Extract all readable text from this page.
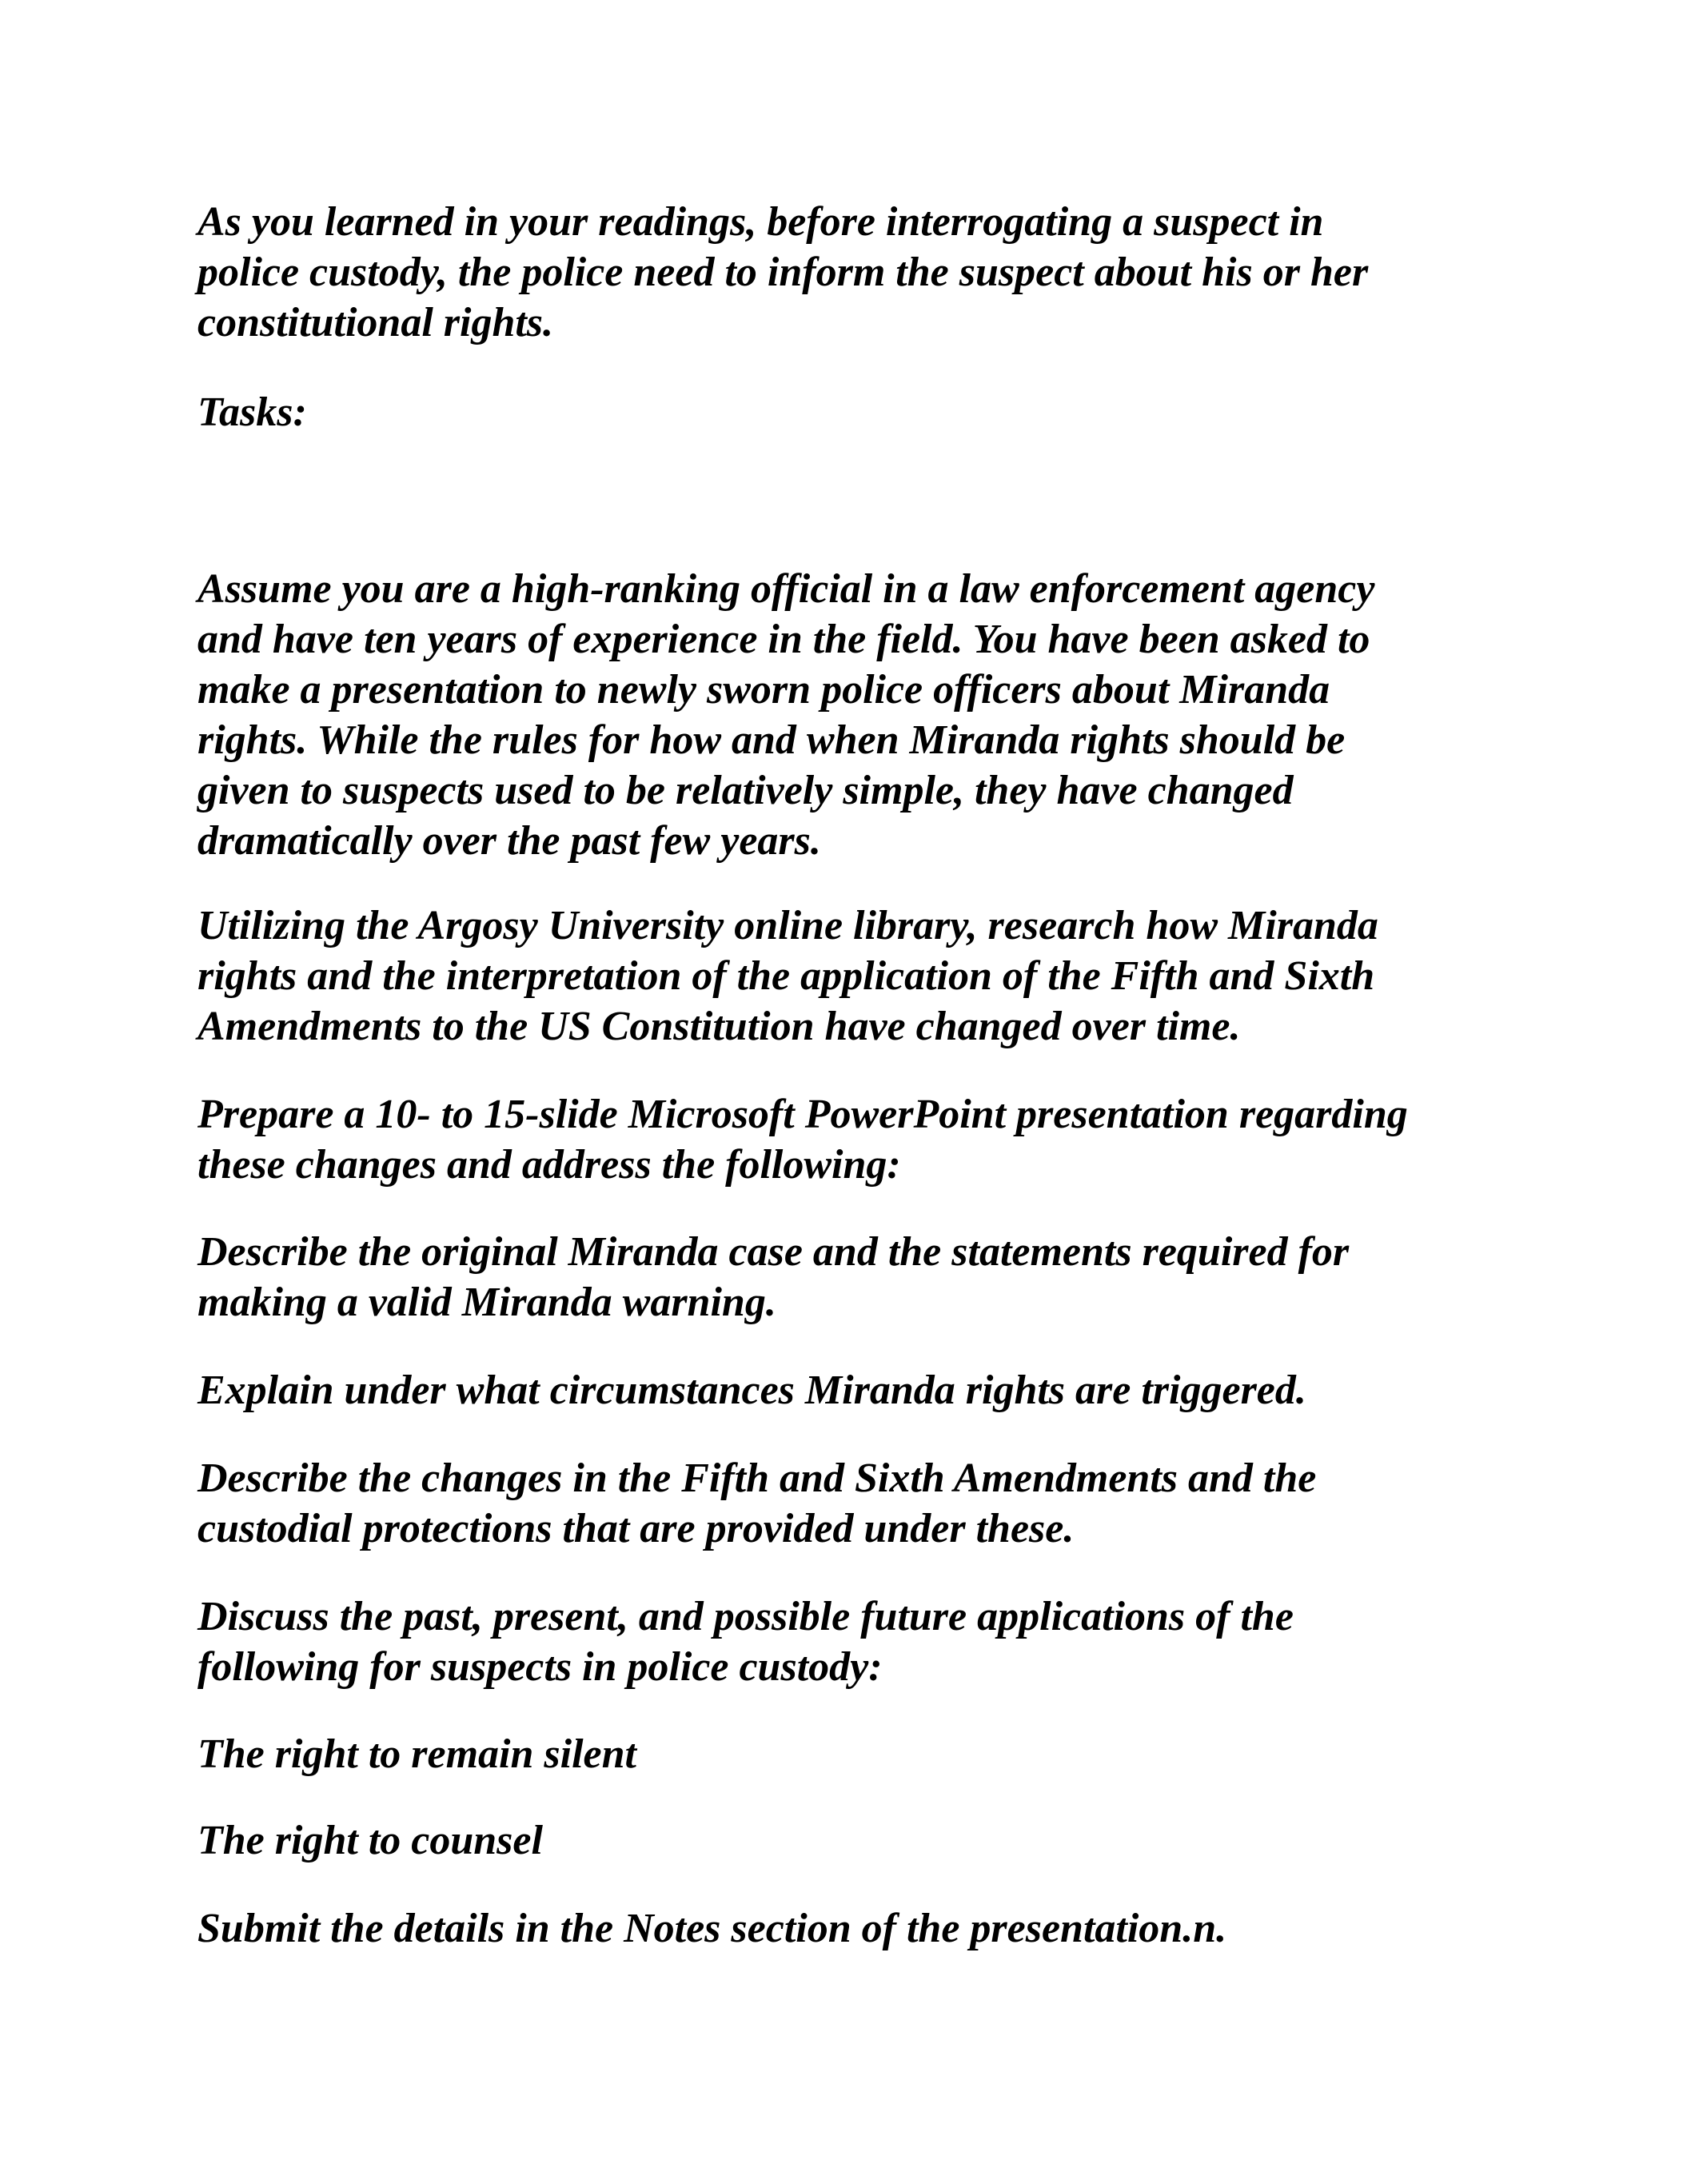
As you learned in your readings, before interrogating a suspect in
police custody, the police need to inform the suspect about his or her
constitutional rights.

Tasks:

Assume you are a high-ranking official in a law enforcement agency
and have ten years of experience in the field. You have been asked to
make a presentation to newly sworn police officers about Miranda
rights. While the rules for how and when Miranda rights should be
given to suspects used to be relatively simple, they have changed
dramatically over the past few years.

Utilizing the Argosy University online library, research how Miranda
rights and the interpretation of the application of the Fifth and Sixth
Amendments to the US Constitution have changed over time.

Prepare a 10- to 15-slide Microsoft PowerPoint presentation regarding
these changes and address the following:

Describe the original Miranda case and the statements required for
making a valid Miranda warning.

Explain under what circumstances Miranda rights are triggered.

Describe the changes in the Fifth and Sixth Amendments and the
custodial protections that are provided under these.

Discuss the past, present, and possible future applications of the
following for suspects in police custody:

The right to remain silent

The right to counsel

Submit the details in the Notes section of the presentation.n.
